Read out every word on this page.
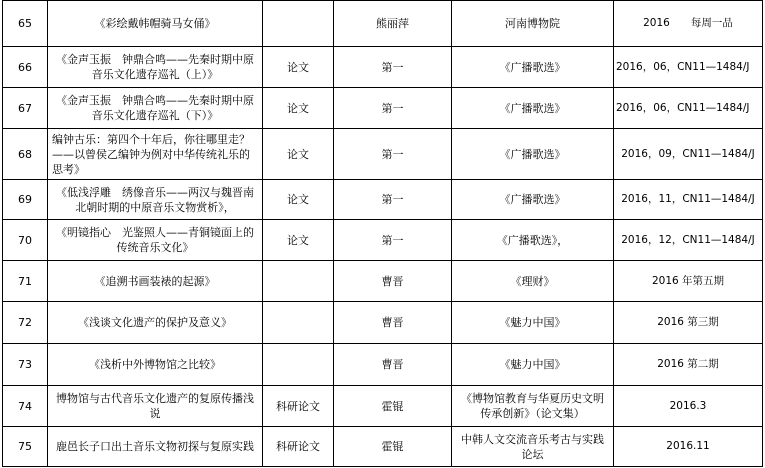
65	《彩绘戴帏帽骑马女俑》		熊丽萍	河南博物院	2016　　每周一品
66	《金声玉振　钟鼎合鸣——先秦时期中原音乐文化遗存巡礼（上）》	论文	第一	《广播歌选》	2016，06，CN11—1484/J
67	《金声玉振　钟鼎合鸣——先秦时期中原音乐文化遗存巡礼（下）》	论文	第一	《广播歌选》	2016，06，CN11—1484/J
68	编钟古乐：第四个十年后，你往哪里走？——以曾侯乙编钟为例对中华传统礼乐的思考》	论文	第一	《广播歌选》	2016，09，CN11—1484/J
69	《低浅浮雕　绣像音乐——两汉与魏晋南北朝时期的中原音乐文物赏析》，	论文	第一	《广播歌选》	2016，11，CN11—1484/J
70	《明镜指心　光鉴照人——青铜镜面上的传统音乐文化》	论文	第一	《广播歌选》，	2016，12，CN11—1484/J
71	《追溯书画装裱的起源》		曹晋	《理财》	2016 年第五期
72	《浅谈文化遗产的保护及意义》		曹晋	《魅力中国》	2016 第三期
73	《浅析中外博物馆之比较》		曹晋	《魅力中国》	2016 第二期
74	博物馆与古代音乐文化遗产的复原传播浅说	科研论文	霍锟	《博物馆教育与华夏历史文明传承创新》（论文集）	2016.3
75	鹿邑长子口出土音乐文物初探与复原实践	科研论文	霍锟	中韩人文交流音乐考古与实践论坛	2016.11
